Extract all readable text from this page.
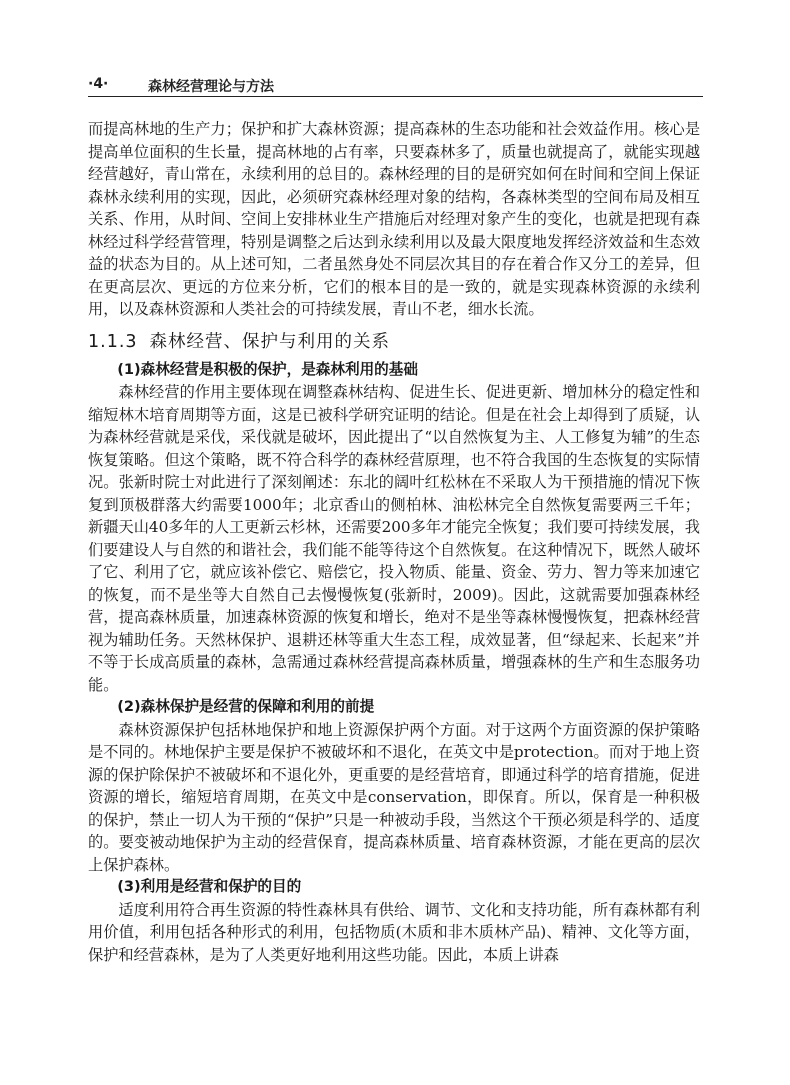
·4·	森林经营理论与方法

而提高林地的生产力；保护和扩大森林资源；提高森林的生态功能和社会效益作用。核心是提高单位面积的生长量，提高林地的占有率，只要森林多了，质量也就提高了，就能实现越经营越好，青山常在，永续利用的总目的。森林经理的目的是研究如何在时间和空间上保证森林永续利用的实现，因此，必须研究森林经理对象的结构，各森林类型的空间布局及相互关系、作用，从时间、空间上安排林业生产措施后对经理对象产生的变化，也就是把现有森林经过科学经营管理，特别是调整之后达到永续利用以及最大限度地发挥经济效益和生态效益的状态为目的。从上述可知，二者虽然身处不同层次其目的存在着合作又分工的差异，但在更高层次、更远的方位来分析，它们的根本目的是一致的，就是实现森林资源的永续利用，以及森林资源和人类社会的可持续发展，青山不老，细水长流。

1.1.3 森林经营、保护与利用的关系

(1)森林经营是积极的保护，是森林利用的基础

森林经营的作用主要体现在调整森林结构、促进生长、促进更新、增加林分的稳定性和缩短林木培育周期等方面，这是已被科学研究证明的结论。但是在社会上却得到了质疑，认为森林经营就是采伐，采伐就是破坏，因此提出了“以自然恢复为主、人工修复为辅”的生态恢复策略。但这个策略，既不符合科学的森林经营原理，也不符合我国的生态恢复的实际情况。张新时院士对此进行了深刻阐述：东北的阔叶红松林在不采取人为干预措施的情况下恢复到顶极群落大约需要1000年；北京香山的侧柏林、油松林完全自然恢复需要两三千年；新疆天山40多年的人工更新云杉林，还需要200多年才能完全恢复；我们要可持续发展，我们要建设人与自然的和谐社会，我们能不能等待这个自然恢复。在这种情况下，既然人破坏了它、利用了它，就应该补偿它、赔偿它，投入物质、能量、资金、劳力、智力等来加速它的恢复，而不是坐等大自然自己去慢慢恢复(张新时，2009)。因此，这就需要加强森林经营，提高森林质量，加速森林资源的恢复和增长，绝对不是坐等森林慢慢恢复，把森林经营视为辅助任务。天然林保护、退耕还林等重大生态工程，成效显著，但“绿起来、长起来”并不等于长成高质量的森林，急需通过森林经营提高森林质量，增强森林的生产和生态服务功能。

(2)森林保护是经营的保障和利用的前提

森林资源保护包括林地保护和地上资源保护两个方面。对于这两个方面资源的保护策略是不同的。林地保护主要是保护不被破坏和不退化，在英文中是protection。而对于地上资源的保护除保护不被破坏和不退化外，更重要的是经营培育，即通过科学的培育措施，促进资源的增长，缩短培育周期，在英文中是conservation，即保育。所以，保育是一种积极的保护，禁止一切人为干预的“保护”只是一种被动手段，当然这个干预必须是科学的、适度的。要变被动地保护为主动的经营保育，提高森林质量、培育森林资源，才能在更高的层次上保护森林。

(3)利用是经营和保护的目的

适度利用符合再生资源的特性森林具有供给、调节、文化和支持功能，所有森林都有利用价值，利用包括各种形式的利用，包括物质(木质和非木质林产品)、精神、文化等方面，保护和经营森林，是为了人类更好地利用这些功能。因此，本质上讲森
